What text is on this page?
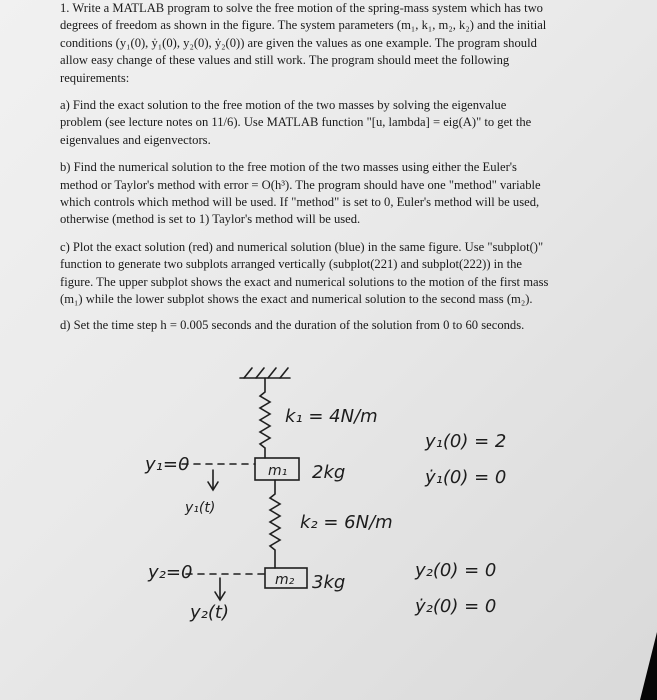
1. Write a MATLAB program to solve the free motion of the spring-mass system which has two
degrees of freedom as shown in the figure. The system parameters (m₁, k₁, m₂, k₂) and the initial
conditions (y₁(0), ẏ₁(0), y₂(0), ẏ₂(0)) are given the values as one example. The program should
allow easy change of these values and still work. The program should meet the following
requirements:
a) Find the exact solution to the free motion of the two masses by solving the eigenvalue
problem (see lecture notes on 11/6). Use MATLAB function "[u, lambda] = eig(A)" to get the
eigenvalues and eigenvectors.
b) Find the numerical solution to the free motion of the two masses using either the Euler's
method or Taylor's method with error = O(h³). The program should have one "method" variable
which controls which method will be used. If "method" is set to 0, Euler's method will be used,
otherwise (method is set to 1) Taylor's method will be used.
c) Plot the exact solution (red) and numerical solution (blue) in the same figure. Use "subplot()"
function to generate two subplots arranged vertically (subplot(221) and subplot(222)) in the
figure. The upper subplot shows the exact and numerical solutions to the motion of the first mass
(m₁) while the lower subplot shows the exact and numerical solution to the second mass (m₂).
d) Set the time step h = 0.005 seconds and the duration of the solution from 0 to 60 seconds.
k₁ = 4N/m
m₁ 2kg
k₂ = 6N/m
m₂ 3kg
y₁=0
y₁(t)
y₂=0
y₂(t)
y₁(0) = 2
ẏ₁(0) = 0
y₂(0) = 0
ẏ₂(0) = 0
